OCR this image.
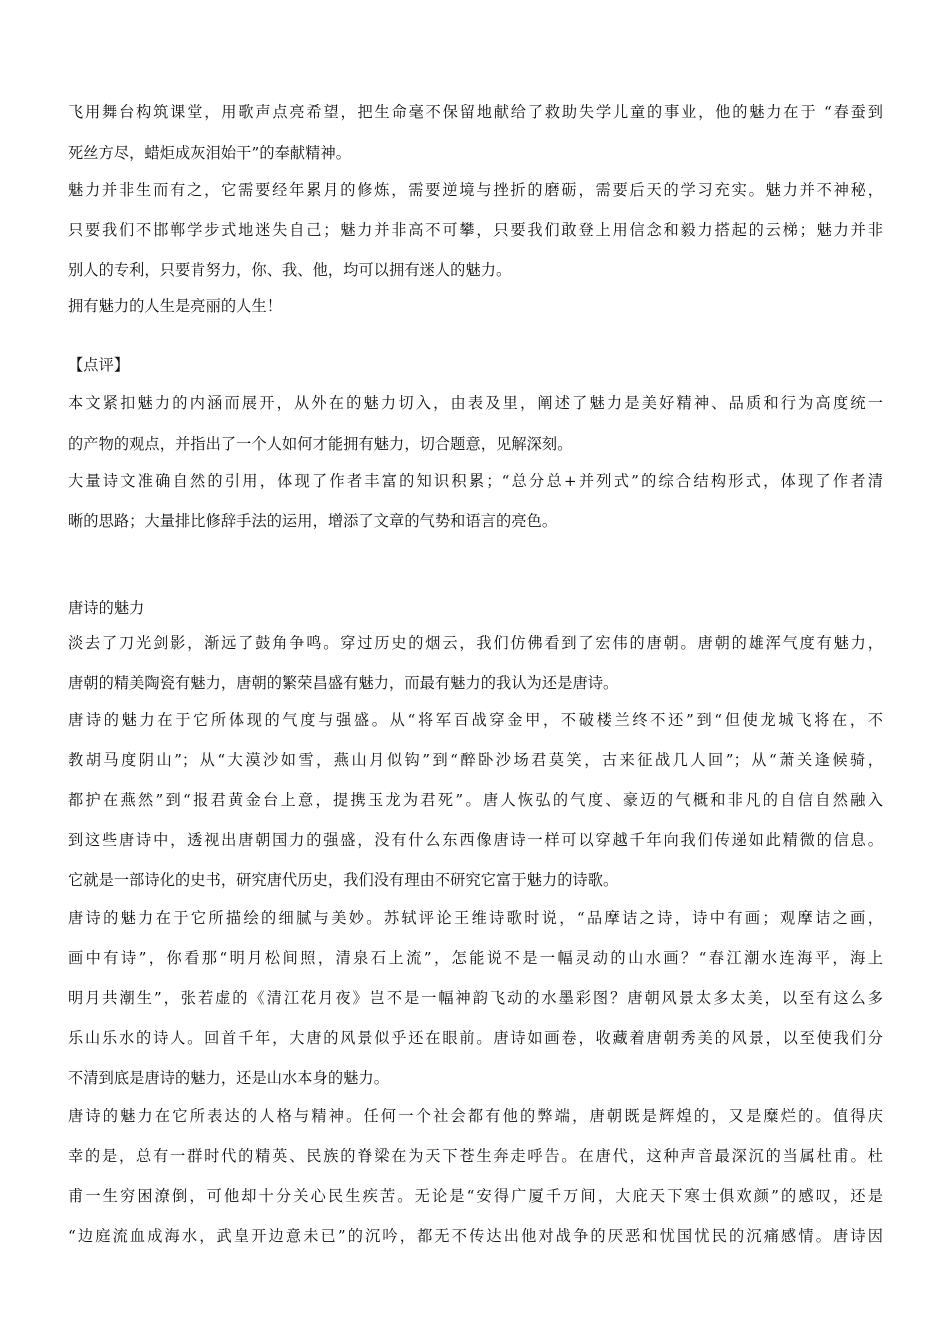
飞用舞台构筑课堂，用歌声点亮希望，把生命毫不保留地献给了救助失学儿童的事业，他的魅力在于 “春蚕到
死丝方尽，蜡炬成灰泪始干”的奉献精神。
魅力并非生而有之，它需要经年累月的修炼，需要逆境与挫折的磨砺，需要后天的学习充实。魅力并不神秘，
只要我们不邯郸学步式地迷失自己；魅力并非高不可攀，只要我们敢登上用信念和毅力搭起的云梯；魅力并非
别人的专利，只要肯努力，你、我、他，均可以拥有迷人的魅力。
拥有魅力的人生是亮丽的人生！
【点评】
本文紧扣魅力的内涵而展开，从外在的魅力切入，由表及里，阐述了魅力是美好精神、品质和行为高度统一
的产物的观点，并指出了一个人如何才能拥有魅力，切合题意，见解深刻。
大量诗文准确自然的引用，体现了作者丰富的知识积累；“总分总+并列式”的综合结构形式，体现了作者清
晰的思路；大量排比修辞手法的运用，增添了文章的气势和语言的亮色。
唐诗的魅力
淡去了刀光剑影，渐远了鼓角争鸣。穿过历史的烟云，我们仿佛看到了宏伟的唐朝。唐朝的雄浑气度有魅力，
唐朝的精美陶瓷有魅力，唐朝的繁荣昌盛有魅力，而最有魅力的我认为还是唐诗。
唐诗的魅力在于它所体现的气度与强盛。从“将军百战穿金甲，不破楼兰终不还”到“但使龙城飞将在，不
教胡马度阴山”；从“大漠沙如雪，燕山月似钩”到“醉卧沙场君莫笑，古来征战几人回”；从“萧关逢候骑，
都护在燕然”到“报君黄金台上意，提携玉龙为君死”。唐人恢弘的气度、豪迈的气概和非凡的自信自然融入
到这些唐诗中，透视出唐朝国力的强盛，没有什么东西像唐诗一样可以穿越千年向我们传递如此精微的信息。
它就是一部诗化的史书，研究唐代历史，我们没有理由不研究它富于魅力的诗歌。
唐诗的魅力在于它所描绘的细腻与美妙。苏轼评论王维诗歌时说，“品摩诘之诗，诗中有画；观摩诘之画，
画中有诗”，你看那“明月松间照，清泉石上流”，怎能说不是一幅灵动的山水画？“春江潮水连海平，海上
明月共潮生”，张若虚的《清江花月夜》岂不是一幅神韵飞动的水墨彩图？唐朝风景太多太美，以至有这么多
乐山乐水的诗人。回首千年，大唐的风景似乎还在眼前。唐诗如画卷，收藏着唐朝秀美的风景，以至使我们分
不清到底是唐诗的魅力，还是山水本身的魅力。
唐诗的魅力在它所表达的人格与精神。任何一个社会都有他的弊端，唐朝既是辉煌的，又是糜烂的。值得庆
幸的是，总有一群时代的精英、民族的脊梁在为天下苍生奔走呼告。在唐代，这种声音最深沉的当属杜甫。杜
甫一生穷困潦倒，可他却十分关心民生疾苦。无论是“安得广厦千万间，大庇天下寒士俱欢颜”的感叹，还是
“边庭流血成海水，武皇开边意未已”的沉吟，都无不传达出他对战争的厌恶和忧国忧民的沉痛感情。唐诗因
